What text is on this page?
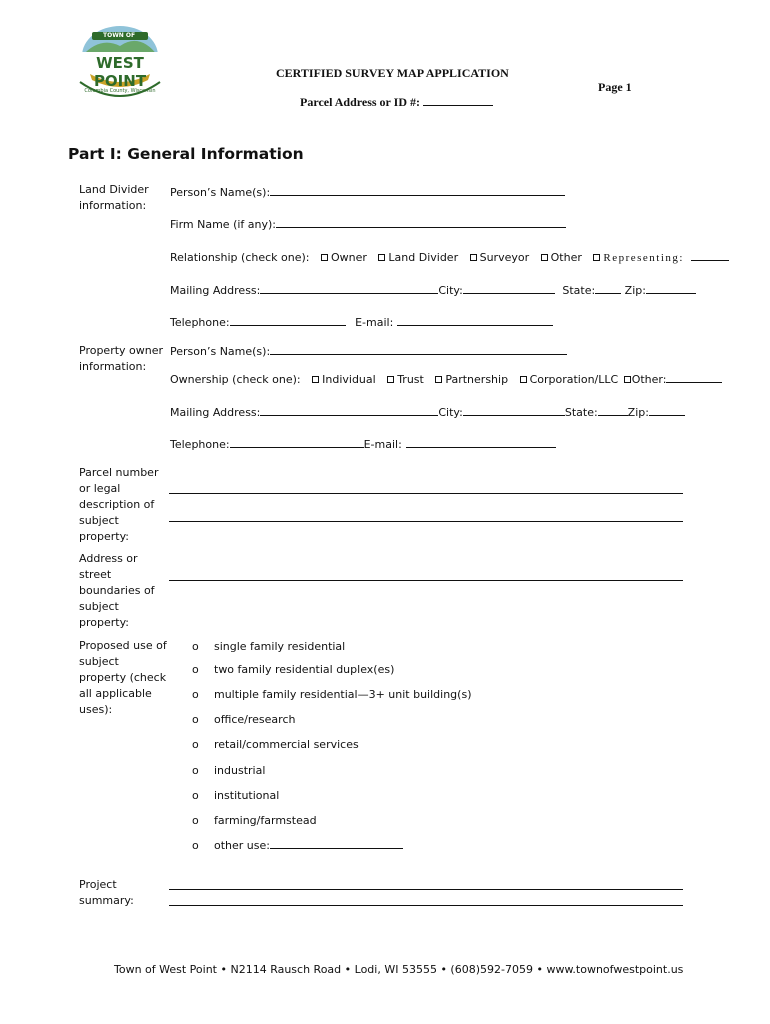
TOWN OF
WEST POINT
Columbia County, Wisconsin
CERTIFIED SURVEY MAP APPLICATION
Page 1
Parcel Address or ID #:
Part I: General Information
Land Divider information:
Person’s Name(s):
Firm Name (if any):
Relationship (check one): Owner Land Divider Surveyor Other Representing:
Mailing Address:	City:	State:	Zip:
Telephone:	E-mail:
Property owner information:
Person’s Name(s):
Ownership (check one): Individual Trust Partnership Corporation/LLC Other:
Mailing Address:	City:	State:	Zip:
Telephone:	E-mail:
Parcel number or legal description of subject property:
Address or street boundaries of subject property:
Proposed use of subject property (check all applicable uses):
o single family residential
o two family residential duplex(es)
o multiple family residential—3+ unit building(s)
o office/research
o retail/commercial services
o industrial
o institutional
o farming/farmstead
o other use:
Project summary:
Town of West Point • N2114 Rausch Road • Lodi, WI 53555 • (608)592-7059 • www.townofwestpoint.us
